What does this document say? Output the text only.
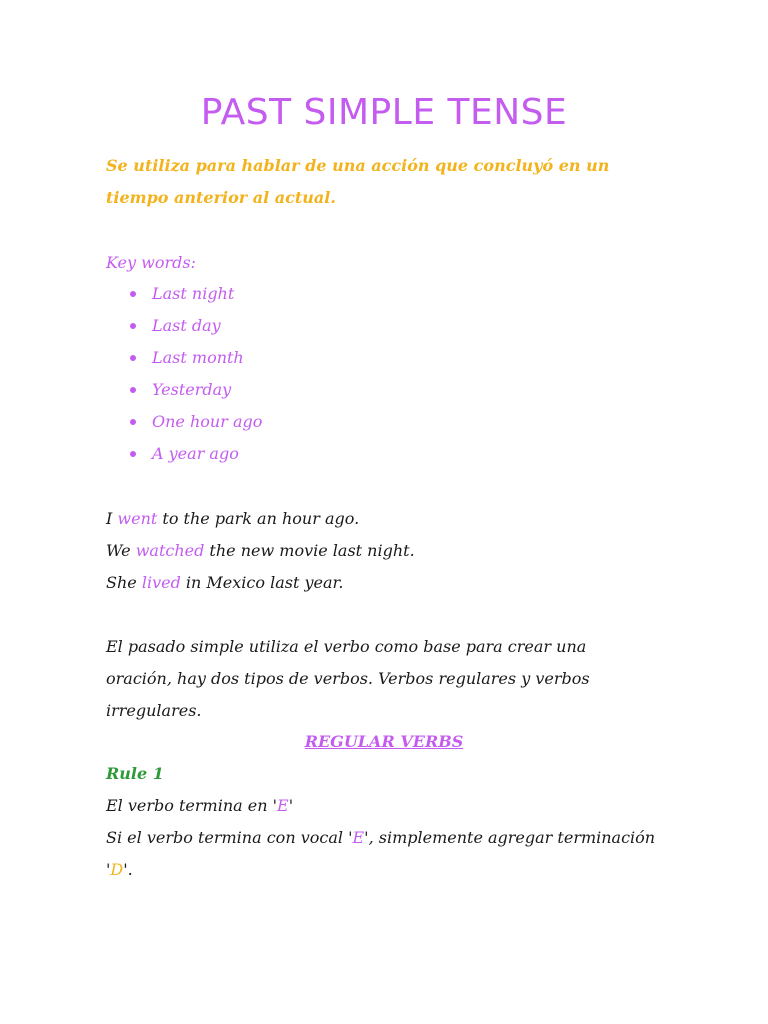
PAST SIMPLE TENSE

Se utiliza para hablar de una acción que concluyó en un tiempo anterior al actual.

Key words:

Last night
Last day
Last month
Yesterday
One hour ago
A year ago
I went to the park an hour ago.
We watched the new movie last night.
She lived in Mexico last year.

El pasado simple utiliza el verbo como base para crear una oración, hay dos tipos de verbos. Verbos regulares y verbos irregulares.

REGULAR VERBS

Rule 1

El verbo termina en 'E'
Si el verbo termina con vocal 'E', simplemente agregar terminación 'D'.
